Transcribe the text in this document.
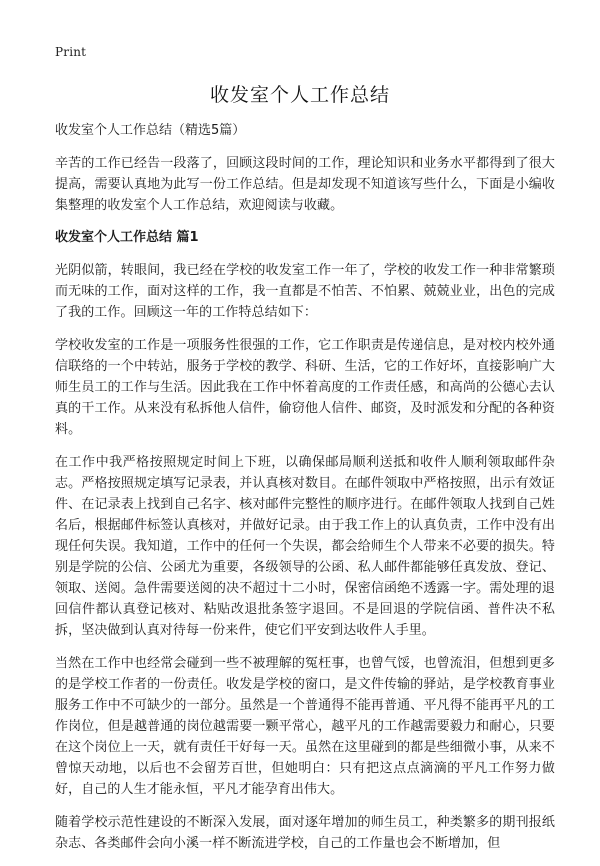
Print
收发室个人工作总结
收发室个人工作总结（精选5篇）

辛苦的工作已经告一段落了，回顾这段时间的工作，理论知识和业务水平都得到了很大提高，需要认真地为此写一份工作总结。但是却发现不知道该写些什么，下面是小编收集整理的收发室个人工作总结，欢迎阅读与收藏。

收发室个人工作总结 篇1

光阴似箭，转眼间，我已经在学校的收发室工作一年了，学校的收发工作一种非常繁琐而无味的工作，面对这样的工作，我一直都是不怕苦、不怕累、兢兢业业，出色的完成了我的工作。回顾这一年的工作特总结如下：

学校收发室的工作是一项服务性很强的工作，它工作职责是传递信息，是对校内校外通信联络的一个中转站，服务于学校的教学、科研、生活，它的工作好坏，直接影响广大师生员工的工作与生活。因此我在工作中怀着高度的工作责任感，和高尚的公德心去认真的干工作。从来没有私拆他人信件，偷窃他人信件、邮资，及时派发和分配的各种资料。

在工作中我严格按照规定时间上下班，以确保邮局顺利送抵和收件人顺利领取邮件杂志。严格按照规定填写记录表，并认真核对数目。在邮件领取中严格按照，出示有效证件、在记录表上找到自己名字、核对邮件完整性的顺序进行。在邮件领取人找到自己姓名后，根据邮件标签认真核对，并做好记录。由于我工作上的认真负责，工作中没有出现任何失误。我知道，工作中的任何一个失误，都会给师生个人带来不必要的损失。特别是学院的公信、公函尤为重要，各级领导的公函、私人邮件都能够任真发放、登记、领取、送阅。急件需要送阅的决不超过十二小时，保密信函绝不透露一字。需处理的退回信件都认真登记核对、粘贴改退批条签字退回。不是回退的学院信函、普件决不私拆，坚决做到认真对待每一份来件，使它们平安到达收件人手里。

当然在工作中也经常会碰到一些不被理解的冤枉事，也曾气馁，也曾流泪，但想到更多的是学校工作者的一份责任。收发是学校的窗口，是文件传输的驿站，是学校教育事业服务工作中不可缺少的一部分。虽然是一个普通得不能再普通、平凡得不能再平凡的工作岗位，但是越普通的岗位越需要一颗平常心，越平凡的工作越需要毅力和耐心，只要在这个岗位上一天，就有责任干好每一天。虽然在这里碰到的都是些细微小事，从来不曾惊天动地，以后也不会留芳百世，但她明白：只有把这点点滴滴的平凡工作努力做好，自己的人生才能永恒，平凡才能孕育出伟大。

随着学校示范性建设的不断深入发展，面对逐年增加的师生员工，种类繁多的期刊报纸杂志、各类邮件会向小溪一样不断流进学校，自己的工作量也会不断增加，但
